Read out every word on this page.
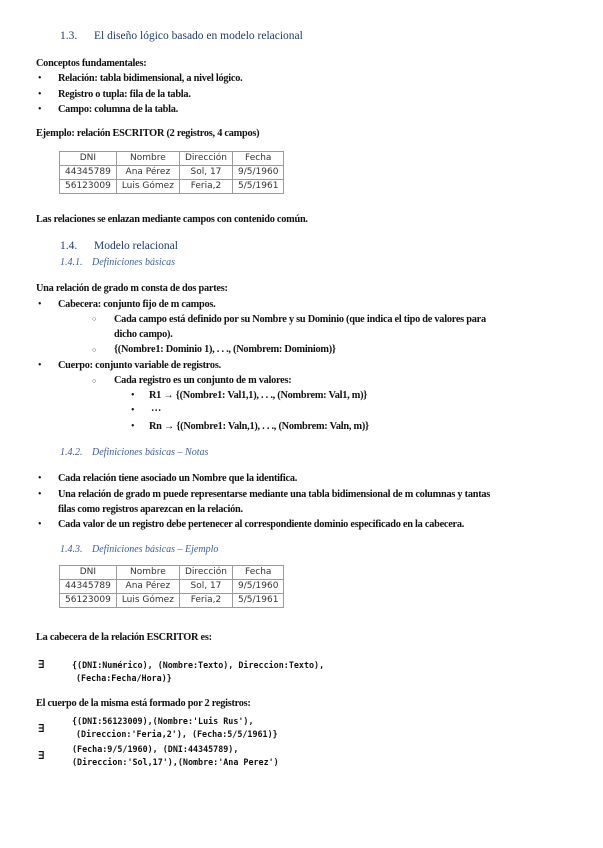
1.3. El diseño lógico basado en modelo relacional
Conceptos fundamentales:
• Relación: tabla bidimensional, a nivel lógico.
• Registro o tupla: fila de la tabla.
• Campo: columna de la tabla.
Ejemplo: relación ESCRITOR (2 registros, 4 campos)
DNI	Nombre	Dirección	Fecha
44345789	Ana Pérez	Sol, 17	9/5/1960
56123009	Luis Gómez	Feria,2	5/5/1961
Las relaciones se enlazan mediante campos con contenido común.
1.4. Modelo relacional
1.4.1. Definiciones básicas
Una relación de grado m consta de dos partes:
• Cabecera: conjunto fijo de m campos.
○ Cada campo está definido por su Nombre y su Dominio (que indica el tipo de valores para
dicho campo).
○ {(Nombre1: Dominio 1), . . ., (Nombrem: Dominiom)}
• Cuerpo: conjunto variable de registros.
○ Cada registro es un conjunto de m valores:
• R1 → {(Nombre1: Val1,1), . . ., (Nombrem: Val1, m)}
• …
• Rn → {(Nombre1: Valn,1), . . ., (Nombrem: Valn, m)}
1.4.2. Definiciones básicas – Notas
• Cada relación tiene asociado un Nombre que la identifica.
• Una relación de grado m puede representarse mediante una tabla bidimensional de m columnas y tantas
filas como registros aparezcan en la relación.
• Cada valor de un registro debe pertenecer al correspondiente dominio especificado en la cabecera.
1.4.3. Definiciones básicas – Ejemplo
DNI	Nombre	Dirección	Fecha
44345789	Ana Pérez	Sol, 17	9/5/1960
56123009	Luis Gómez	Feria,2	5/5/1961
La cabecera de la relación ESCRITOR es:
∃	{(DNI:Numérico), (Nombre:Texto), Direccion:Texto),
(Fecha:Fecha/Hora)}
El cuerpo de la misma está formado por 2 registros:
∃
{(DNI:56123009),(Nombre:'Luis Rus'),
(Direccion:'Feria,2'), (Fecha:5/5/1961)}
∃
(Fecha:9/5/1960), (DNI:44345789),
(Direccion:'Sol,17'),(Nombre:'Ana Perez')
